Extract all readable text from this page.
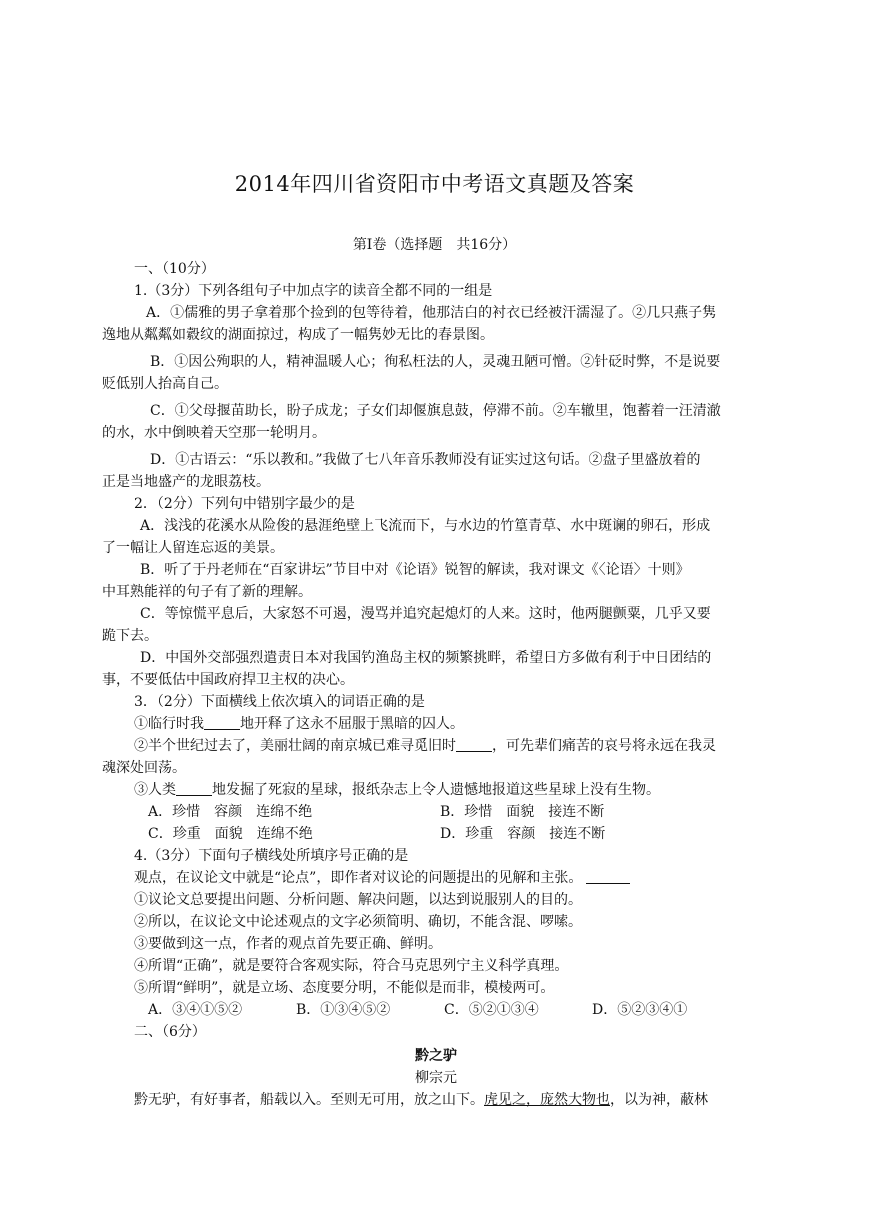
2014年四川省资阳市中考语文真题及答案
第Ⅰ卷（选择题　共16分）

一、（10分）

1.（3分）下列各组句子中加点字的读音全都不同的一组是

A．①儒雅的男子拿着那个捡到的包等待着，他那洁白的衬衣已经被汗濡湿了。②几只燕子隽
逸地从粼粼如縠纹的湖面掠过，构成了一幅隽妙无比的春景图。

B．①因公殉职的人，精神温暖人心；徇私枉法的人，灵魂丑陋可憎。②针砭时弊，不是说要
贬低别人抬高自己。

C．①父母揠苗助长，盼子成龙；子女们却偃旗息鼓，停滞不前。②车辙里，饱蓄着一汪清澈
的水，水中倒映着天空那一轮明月。

D．①古语云：“乐以教和。”我做了七八年音乐教师没有证实过这句话。②盘子里盛放着的
正是当地盛产的龙眼荔枝。

2．（2分）下列句中错别字最少的是

A．浅浅的花溪水从险俊的悬涯绝壁上飞流而下，与水边的竹篁青草、水中斑谰的卵石，形成
了一幅让人留连忘返的美景。

B．听了于丹老师在“百家讲坛”节目中对《论语》锐智的解读，我对课文《〈论语〉十则》
中耳熟能祥的句子有了新的理解。

C．等惊慌平息后，大家怒不可遏，漫骂并追究起熄灯的人来。这时，他两腿颤粟，几乎又要
跪下去。

D．中国外交部强烈遣责日本对我国钓渔岛主权的频繁挑畔，希望日方多做有利于中日团结的
事，不要低估中国政府捍卫主权的决心。

3．（2分）下面横线上依次填入的词语正确的是

①临行时我	地开释了这永不屈服于黑暗的囚人。

②半个世纪过去了，美丽壮阔的南京城已难寻觅旧时	，可先辈们痛苦的哀号将永远在我灵
魂深处回荡。

③人类	地发掘了死寂的星球，报纸杂志上令人遗憾地报道这些星球上没有生物。

A．珍惜　容颜　连绵不绝	B．珍惜　面貌　接连不断
C．珍重　面貌　连绵不绝	D．珍重　容颜　接连不断

4.（3分）下面句子横线处所填序号正确的是

观点，在议论文中就是“论点”，即作者对议论的问题提出的见解和主张。

①议论文总要提出问题、分析问题、解决问题，以达到说服别人的目的。

②所以，在议论文中论述观点的文字必须简明、确切，不能含混、啰嗦。

③要做到这一点，作者的观点首先要正确、鲜明。

④所谓“正确”，就是要符合客观实际，符合马克思列宁主义科学真理。

⑤所谓“鲜明”，就是立场、态度要分明，不能似是而非，模棱两可。

A．③④①⑤②	B．①③④⑤②	C．⑤②①③④	D．⑤②③④①

二、（6分）

黔之驴

柳宗元

黔无驴，有好事者，船载以入。至则无可用，放之山下。虎见之，庞然大物也，以为神，蔽林
